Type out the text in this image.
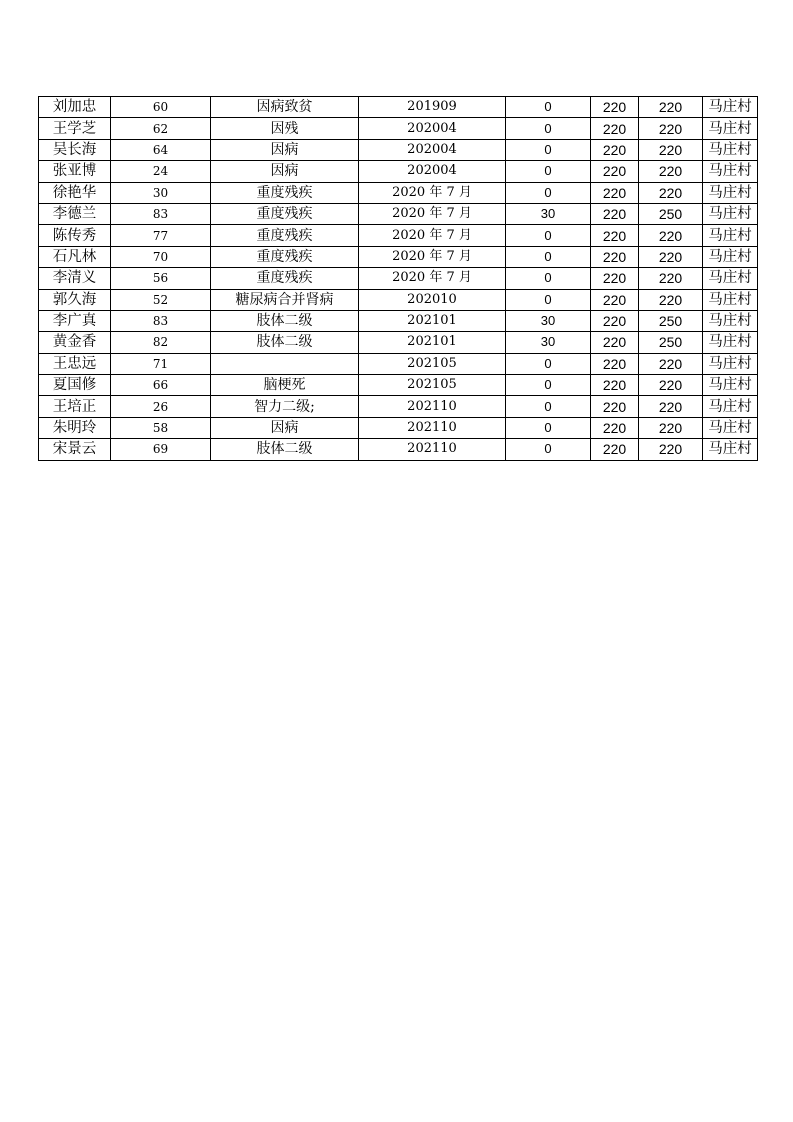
刘加忠	60	因病致贫	201909	0	220	220	马庄村
王学芝	62	因残	202004	0	220	220	马庄村
吴长海	64	因病	202004	0	220	220	马庄村
张亚博	24	因病	202004	0	220	220	马庄村
徐艳华	30	重度残疾	2020 年 7 月	0	220	220	马庄村
李德兰	83	重度残疾	2020 年 7 月	30	220	250	马庄村
陈传秀	77	重度残疾	2020 年 7 月	0	220	220	马庄村
石凡林	70	重度残疾	2020 年 7 月	0	220	220	马庄村
李清义	56	重度残疾	2020 年 7 月	0	220	220	马庄村
郭久海	52	糖尿病合并肾病	202010	0	220	220	马庄村
李广真	83	肢体二级	202101	30	220	250	马庄村
黄金香	82	肢体二级	202101	30	220	250	马庄村
王忠远	71		202105	0	220	220	马庄村
夏国修	66	脑梗死	202105	0	220	220	马庄村
王培正	26	智力二级;	202110	0	220	220	马庄村
朱明玲	58	因病	202110	0	220	220	马庄村
宋景云	69	肢体二级	202110	0	220	220	马庄村
